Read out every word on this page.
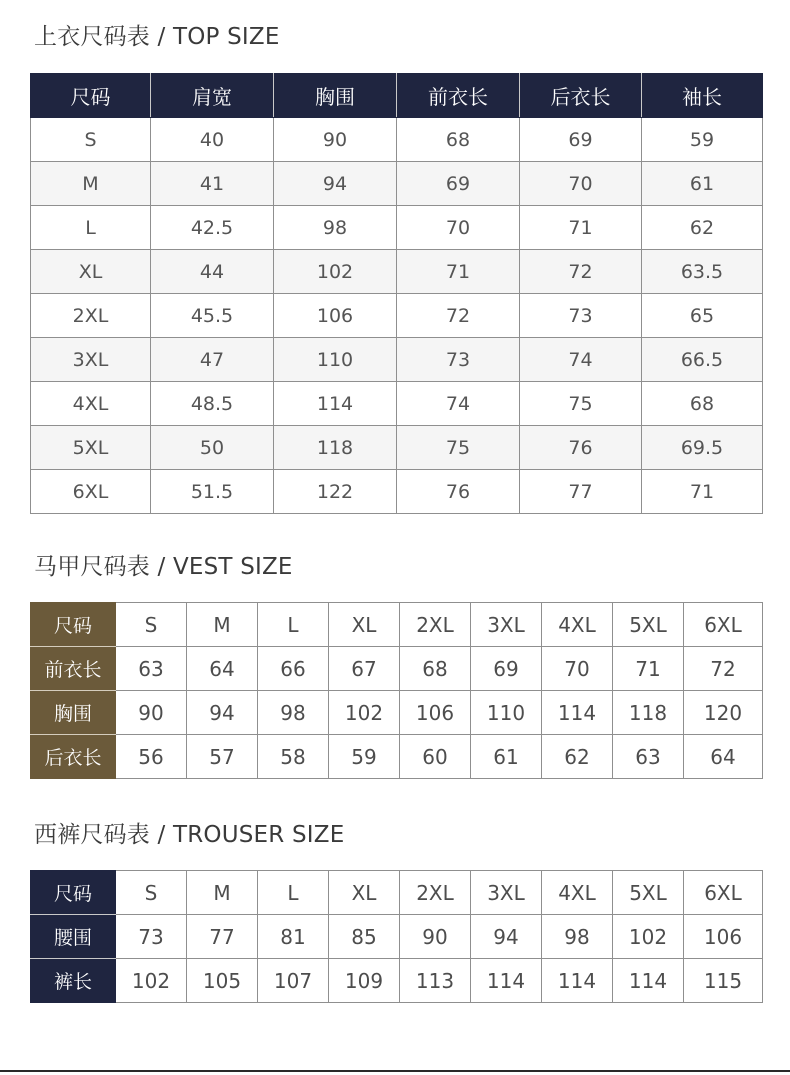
上衣尺码表 / TOP SIZE
尺码	肩宽	胸围	前衣长	后衣长	袖长
S	40	90	68	69	59
M	41	94	69	70	61
L	42.5	98	70	71	62
XL	44	102	71	72	63.5
2XL	45.5	106	72	73	65
3XL	47	110	73	74	66.5
4XL	48.5	114	74	75	68
5XL	50	118	75	76	69.5
6XL	51.5	122	76	77	71
马甲尺码表 / VEST SIZE
尺码	S	M	L	XL	2XL	3XL	4XL	5XL	6XL
前衣长	63	64	66	67	68	69	70	71	72
胸围	90	94	98	102	106	110	114	118	120
后衣长	56	57	58	59	60	61	62	63	64
西裤尺码表 / TROUSER SIZE
尺码	S	M	L	XL	2XL	3XL	4XL	5XL	6XL
腰围	73	77	81	85	90	94	98	102	106
裤长	102	105	107	109	113	114	114	114	115
